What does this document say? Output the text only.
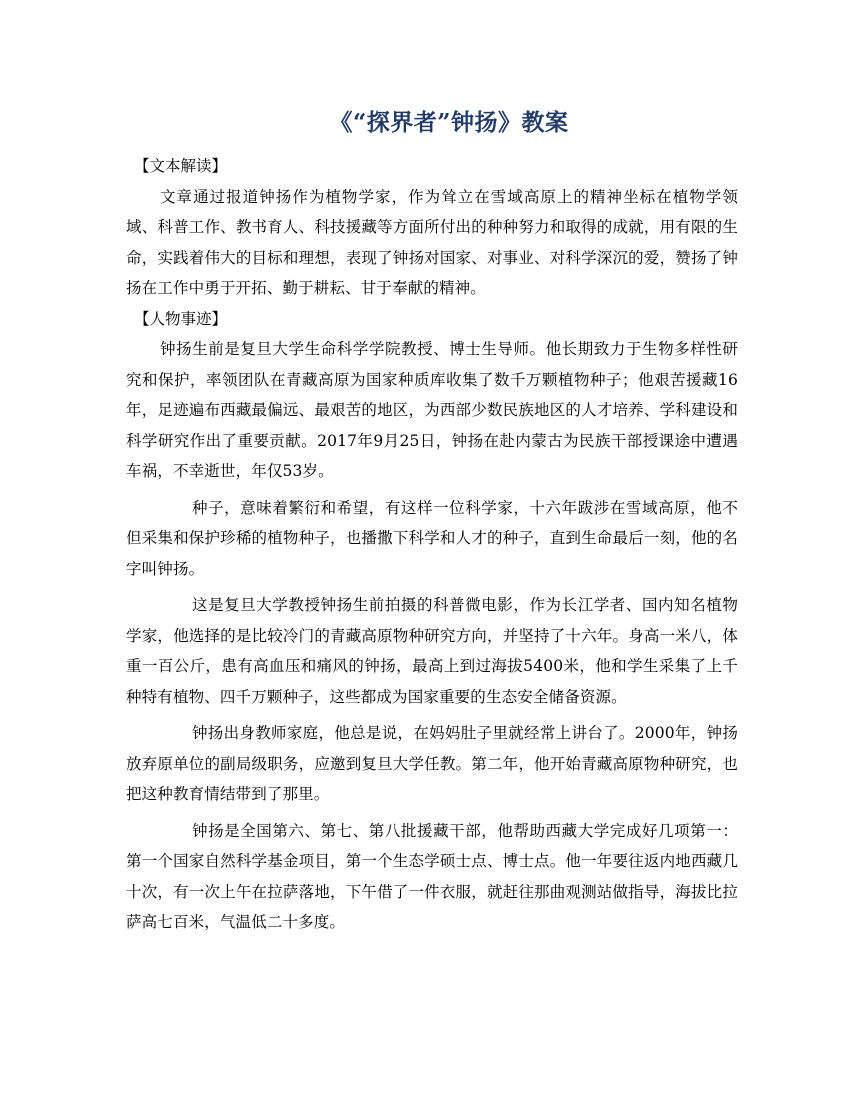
《“探界者”钟扬》教案

【文本解读】

文章通过报道钟扬作为植物学家，作为耸立在雪域高原上的精神坐标在植物学领域、科普工作、教书育人、科技援藏等方面所付出的种种努力和取得的成就，用有限的生命，实践着伟大的目标和理想，表现了钟扬对国家、对事业、对科学深沉的爱，赞扬了钟扬在工作中勇于开拓、勤于耕耘、甘于奉献的精神。

【人物事迹】

钟扬生前是复旦大学生命科学学院教授、博士生导师。他长期致力于生物多样性研究和保护，率领团队在青藏高原为国家种质库收集了数千万颗植物种子；他艰苦援藏16年，足迹遍布西藏最偏远、最艰苦的地区，为西部少数民族地区的人才培养、学科建设和科学研究作出了重要贡献。2017年9月25日，钟扬在赴内蒙古为民族干部授课途中遭遇车祸，不幸逝世，年仅53岁。

种子，意味着繁衍和希望，有这样一位科学家，十六年跋涉在雪域高原，他不但采集和保护珍稀的植物种子，也播撒下科学和人才的种子，直到生命最后一刻，他的名字叫钟扬。

这是复旦大学教授钟扬生前拍摄的科普微电影，作为长江学者、国内知名植物学家，他选择的是比较冷门的青藏高原物种研究方向，并坚持了十六年。身高一米八，体重一百公斤，患有高血压和痛风的钟扬，最高上到过海拔5400米，他和学生采集了上千种特有植物、四千万颗种子，这些都成为国家重要的生态安全储备资源。

钟扬出身教师家庭，他总是说，在妈妈肚子里就经常上讲台了。2000年，钟扬放弃原单位的副局级职务，应邀到复旦大学任教。第二年，他开始青藏高原物种研究，也把这种教育情结带到了那里。

钟扬是全国第六、第七、第八批援藏干部，他帮助西藏大学完成好几项第一：第一个国家自然科学基金项目，第一个生态学硕士点、博士点。他一年要往返内地西藏几十次，有一次上午在拉萨落地，下午借了一件衣服，就赶往那曲观测站做指导，海拔比拉萨高七百米，气温低二十多度。
